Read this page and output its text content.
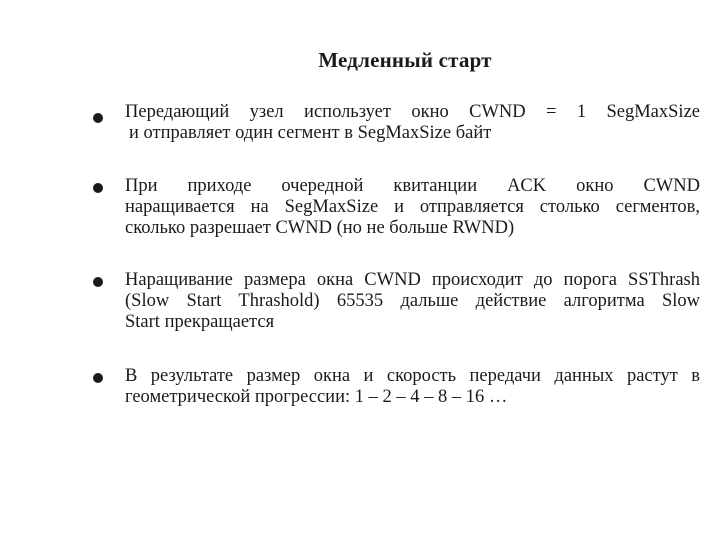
Медленный старт
Передающий узел использует окно CWND = 1 SegMaxSize
и отправляет один сегмент в SegMaxSize байт
При приходе очередной квитанции ACK окно CWND
наращивается на SegMaxSize и отправляется столько сегментов,
сколько разрешает CWND (но не больше RWND)
Наращивание размера окна CWND происходит до порога SSThrash
(Slow Start Thrashold) 65535 дальше действие алгоритма Slow
Start прекращается
В результате размер окна и скорость передачи данных растут в
геометрической прогрессии: 1 – 2 – 4 – 8 – 16 …
